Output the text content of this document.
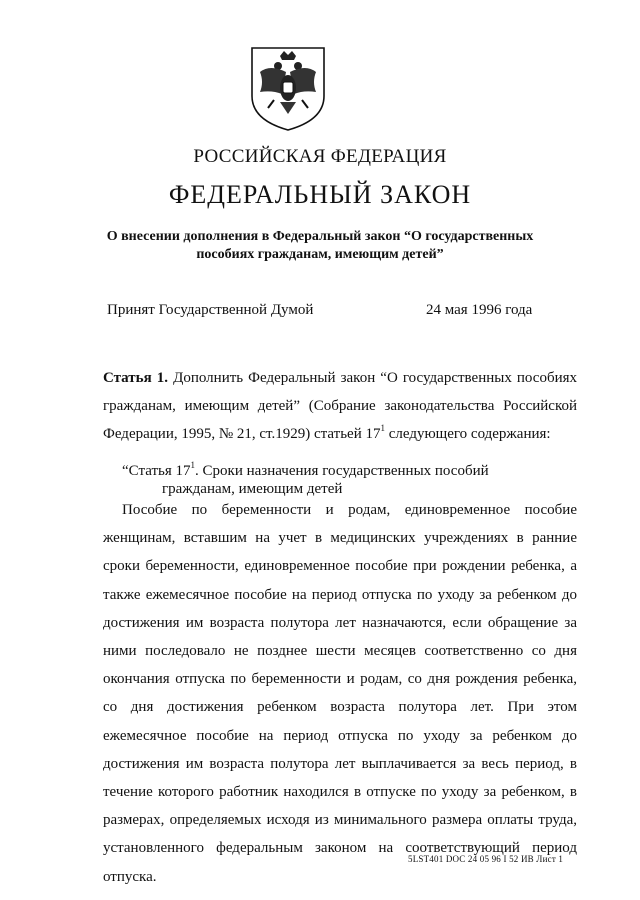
РОССИЙСКАЯ ФЕДЕРАЦИЯ
ФЕДЕРАЛЬНЫЙ ЗАКОН
О внесении дополнения в Федеральный закон “О государственных пособиях гражданам, имеющим детей”
Принят Государственной Думой	24 мая 1996 года

Статья 1. Дополнить Федеральный закон “О государственных пособиях гражданам, имеющим детей” (Собрание законодательства Российской Федерации, 1995, № 21, ст.1929) статьей $17^1$ следующего содержания:

“Статья $17^1$. Сроки назначения государственных пособий
гражданам, имеющим детей

Пособие по беременности и родам, единовременное пособие женщинам, вставшим на учет в медицинских учреждениях в ранние сроки беременности, единовременное пособие при рождении ребенка, а также ежемесячное пособие на период отпуска по уходу за ребенком до достижения им возраста полутора лет назначаются, если обращение за ними последовало не позднее шести месяцев соответственно со дня окончания отпуска по беременности и родам, со дня рождения ребенка, со дня достижения ребенком возраста полутора лет. При этом ежемесячное пособие на период отпуска по уходу за ребенком до достижения им возраста полутора лет выплачивается за весь период, в течение которого работник находился в отпуске по уходу за ребенком, в размерах, определяемых исходя из минимального размера оплаты труда, установленного федеральным законом на соответствующий период отпуска.

5LST401 DOC 24 05 96 I 52 ИВ Лист 1
